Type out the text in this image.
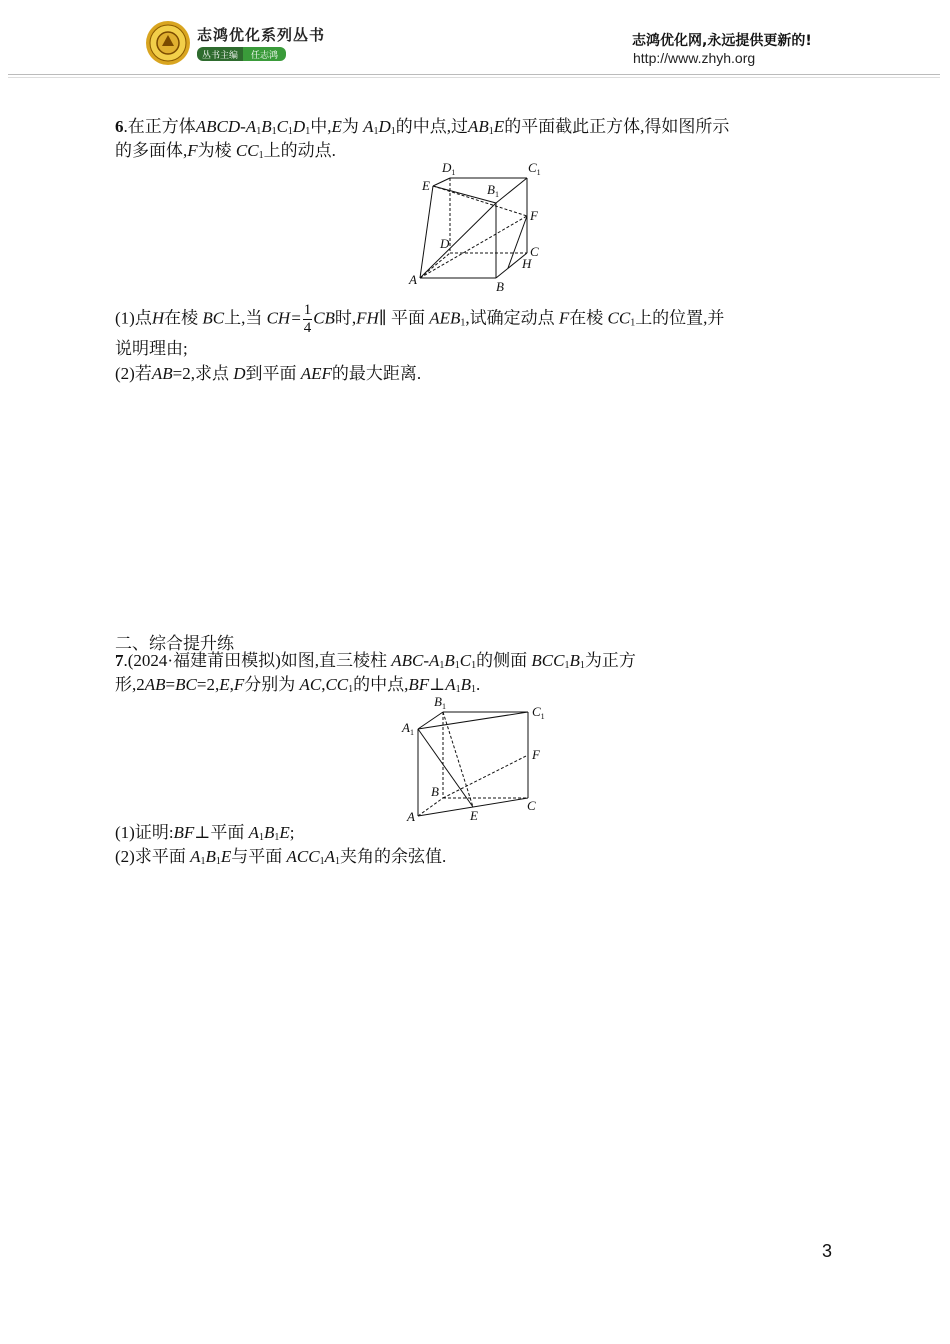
志鸿优化系列丛书
丛书主编	任志鸿
志鸿优化网,永远提供更新的!
http://www.zhyh.org
6.在正方体ABCD-$A_1B_1C_1D_1$中,E为 $A_1D_1$的中点,过$AB_1E$的平面截此正方体,得如图所示
的多面体,F为棱 $CC_1$上的动点.
$D_1$	$C_1$
E	$B_1$
F
D
C
H
A	B
(1)点H在棱 BC上,当 $CH= \frac{1}{4}$ CB时,FH∥ 平面 $AEB_1$,试确定动点 F在棱 $CC_1$上的位置,并
说明理由;
(2)若AB=2,求点 D到平面 AEF的最大距离.
二、综合提升练
7.(2024·福建莆田模拟)如图,直三棱柱 ABC-$A_1B_1C_1$的侧面 $BCC_1B_1$为正方
形,2AB=BC=2,E,F分别为 $AC,CC_1$的中点$,BF\perp A_1B_1$.
$B_1$	$C_1$
$A_1$
F
B
C
A	E
(1)证明:BF⊥平面 $A_1B_1E$;
(2)求平面 $A_1B_1E$与平面 $ACC_1A_1$夹角的余弦值.
3
